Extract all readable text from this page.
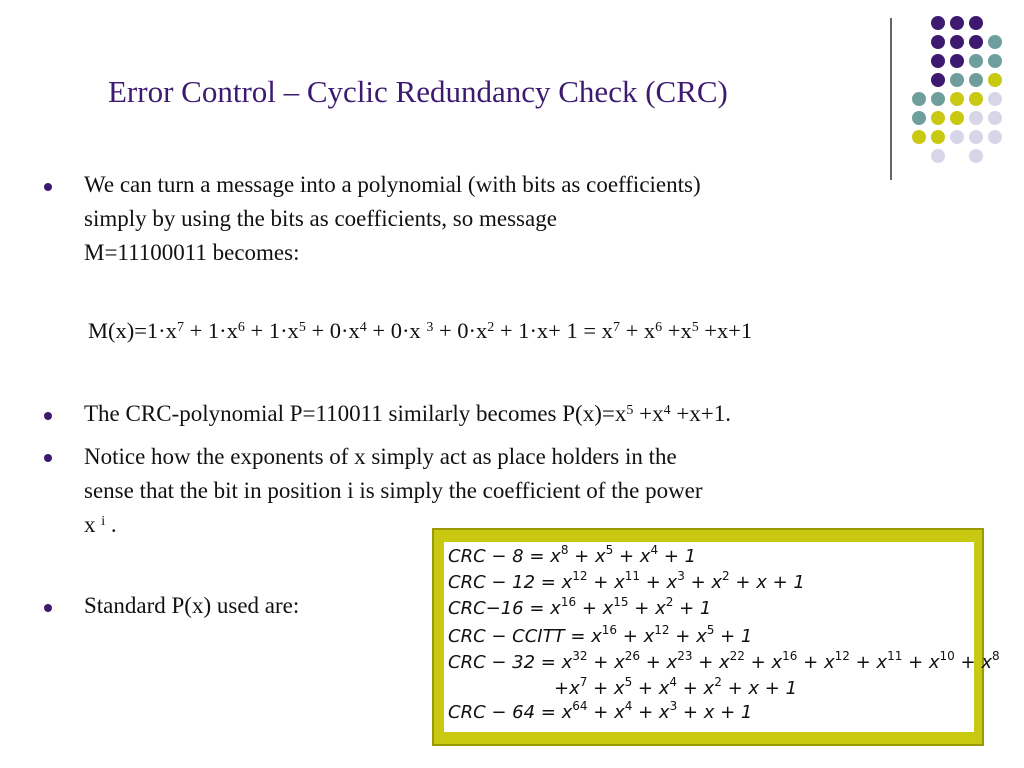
Error Control – Cyclic Redundancy Check (CRC)
We can turn a message into a polynomial (with bits as coefficients)
simply by using the bits as coefficients, so message
M=11100011 becomes:
$M(x)=1\cdot x^7 + 1\cdot x^6 + 1\cdot x^5 + 0\cdot x^4 + 0\cdot x$ $^3 + 0\cdot x^2 + 1\cdot x+ 1 = x^7 + x^6 +x^5 +x+1$
The CRC-polynomial P=110011 similarly becomes $P(x)=x^5 +x^4 +x+1$.
Notice how the exponents of x simply act as place holders in the
sense that the bit in position i is simply the coefficient of the power
x $^i$ .
Standard P(x) used are:
CRC − $8 = x^8 + x^5 + x^4 + 1$
CRC − $12 = x^{12} + x^{11} + x^3 + x^2 + x + 1$
$CRC-16 = x^{16} + x^{15} + x^2 + 1$
CRC − CCITT = $x^{16} + x^{12} + x^5 + 1$
CRC − $32 = x^{32} + x^{26} + x^{23} + x^{22} + x^{16} + x^{12} + x^{11} + x^{10} + x^8$
$+x^7 + x^5 + x^4 + x^2 + x + 1$
CRC − $64 = x^{64} + x^4 + x^3 + x + 1$
